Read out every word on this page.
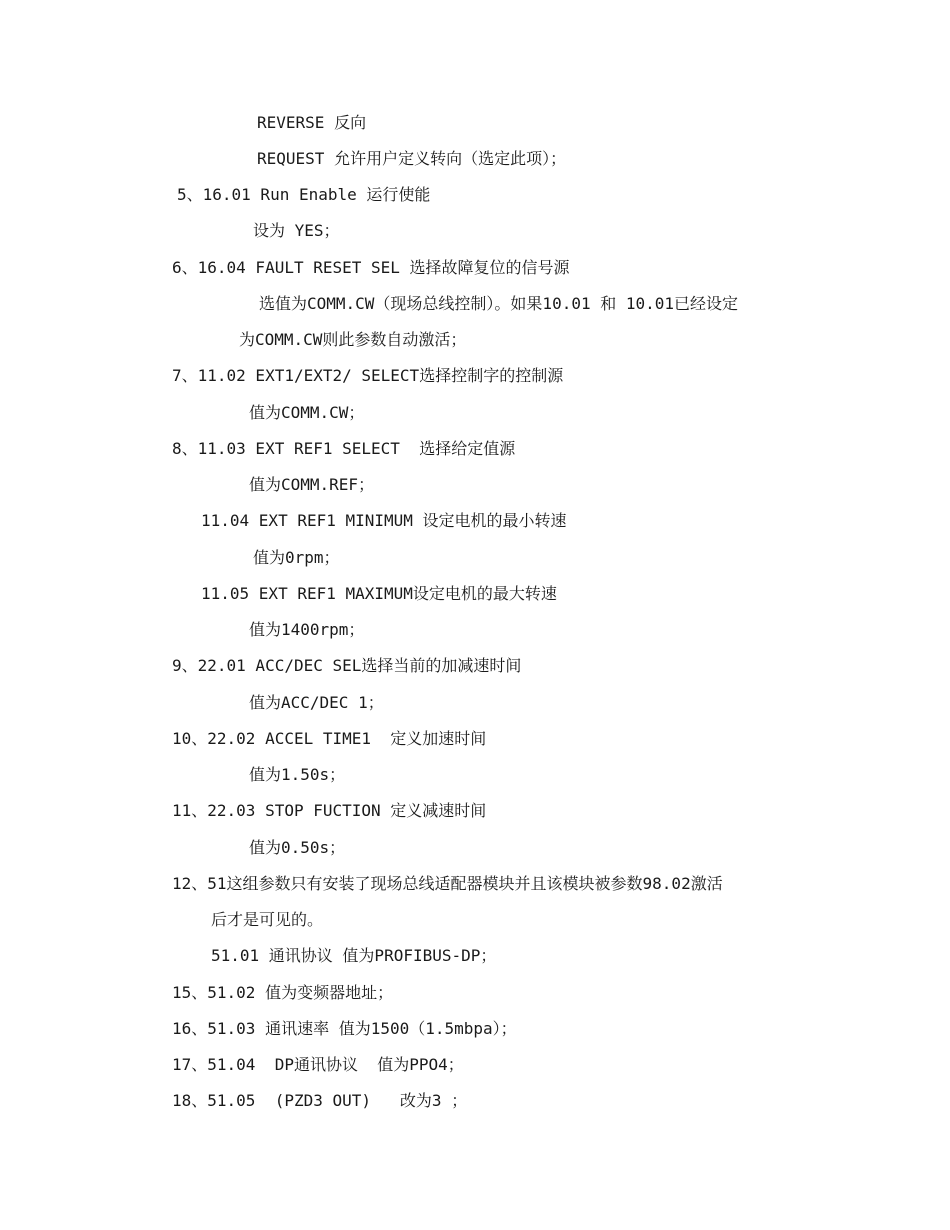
REVERSE 反向
REQUEST 允许用户定义转向（选定此项）；
5、16.01 Run Enable 运行使能
设为 YES；
6、16.04 FAULT RESET SEL 选择故障复位的信号源
选值为COMM.CW（现场总线控制）。如果10.01 和 10.01已经设定
为COMM.CW则此参数自动激活；
7、11.02 EXT1/EXT2/ SELECT选择控制字的控制源
值为COMM.CW；
8、11.03 EXT REF1 SELECT  选择给定值源
值为COMM.REF；
11.04 EXT REF1 MINIMUM 设定电机的最小转速
值为0rpm；
11.05 EXT REF1 MAXIMUM设定电机的最大转速
值为1400rpm；
9、22.01 ACC/DEC SEL选择当前的加减速时间
值为ACC/DEC 1；
10、22.02 ACCEL TIME1  定义加速时间
值为1.50s；
11、22.03 STOP FUCTION 定义减速时间
值为0.50s；
12、51这组参数只有安装了现场总线适配器模块并且该模块被参数98.02激活
后才是可见的。
51.01 通讯协议 值为PROFIBUS-DP；
15、51.02 值为变频器地址；
16、51.03 通讯速率 值为1500（1.5mbpa）；
17、51.04  DP通讯协议  值为PPO4；
18、51.05  (PZD3 OUT)   改为3 ；
